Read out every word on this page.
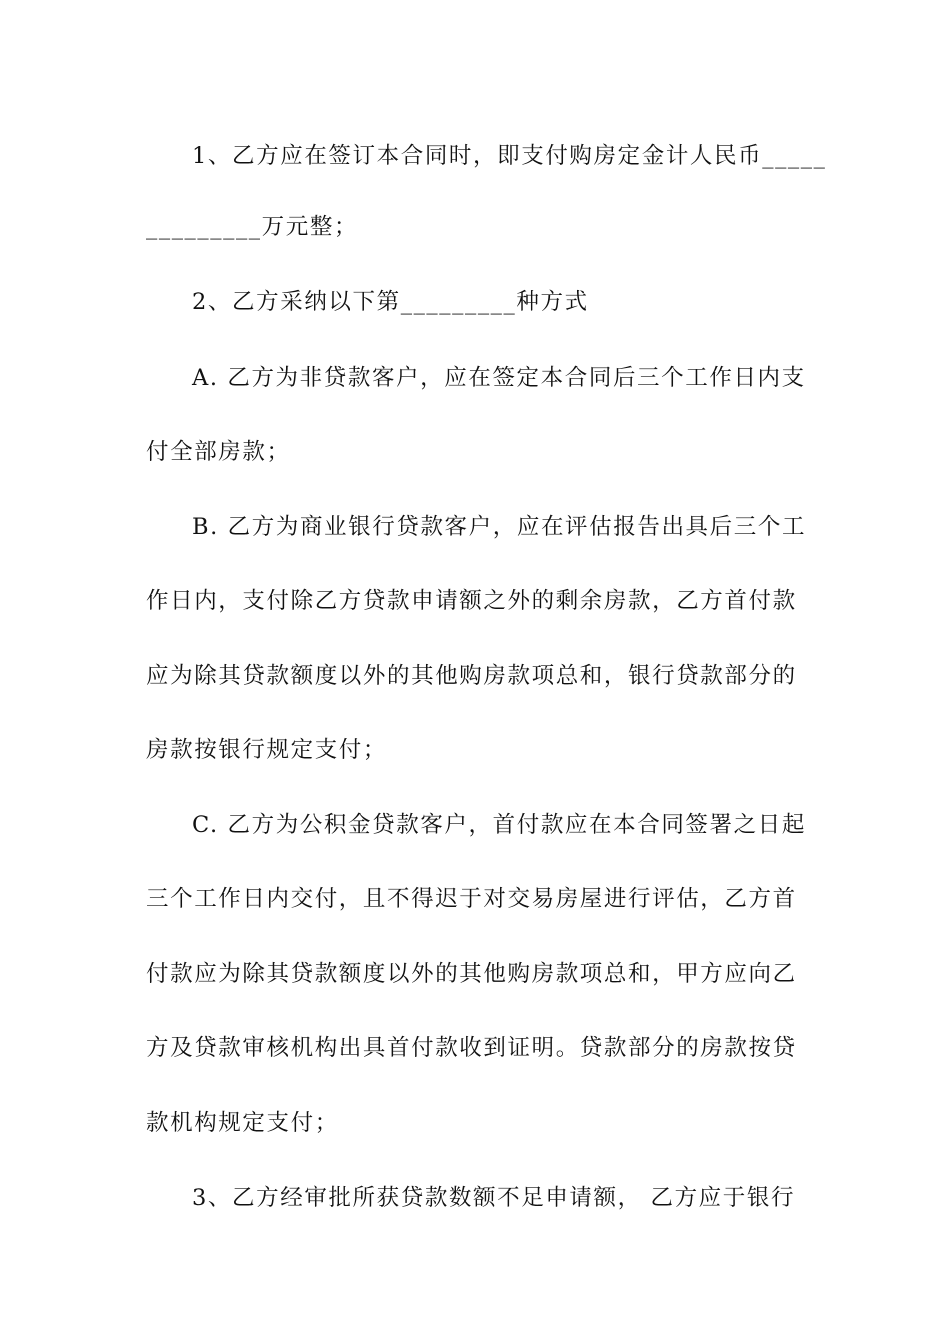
1、乙方应在签订本合同时，即支付购房定金计人民币_____
_________万元整；
2、乙方采纳以下第_________种方式
A. 乙方为非贷款客户，应在签定本合同后三个工作日内支
付全部房款；
B. 乙方为商业银行贷款客户，应在评估报告出具后三个工
作日内，支付除乙方贷款申请额之外的剩余房款，乙方首付款
应为除其贷款额度以外的其他购房款项总和，银行贷款部分的
房款按银行规定支付；
C. 乙方为公积金贷款客户，首付款应在本合同签署之日起
三个工作日内交付，且不得迟于对交易房屋进行评估，乙方首
付款应为除其贷款额度以外的其他购房款项总和，甲方应向乙
方及贷款审核机构出具首付款收到证明。贷款部分的房款按贷
款机构规定支付；
3、乙方经审批所获贷款数额不足申请额， 乙方应于银行
